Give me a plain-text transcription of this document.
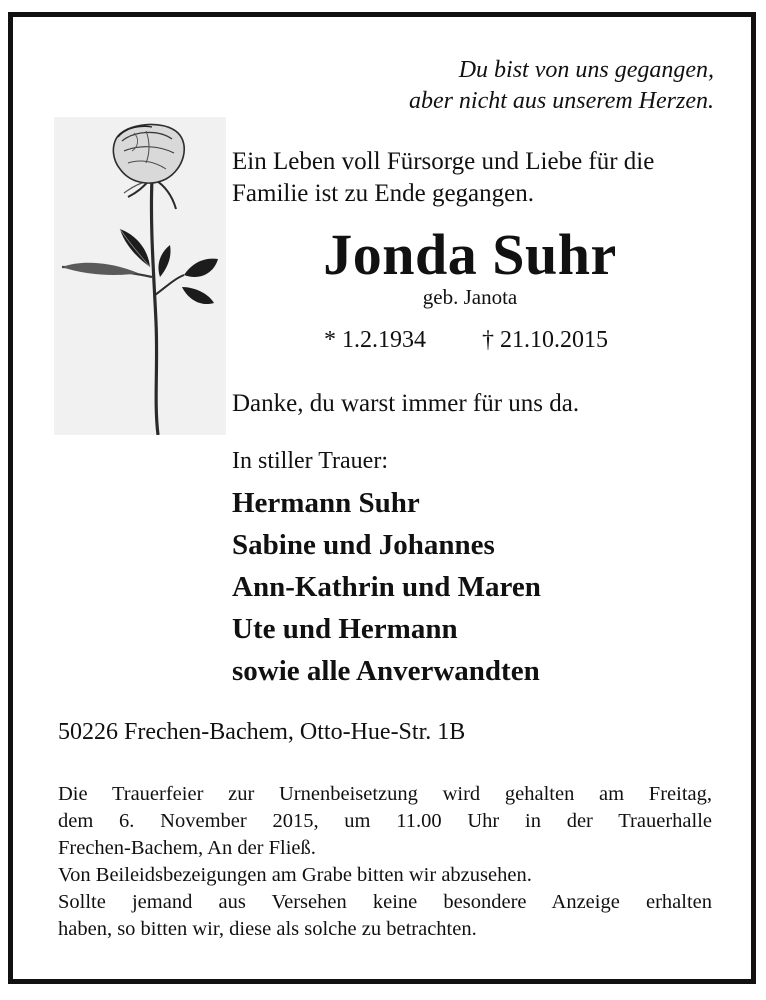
Du bist von uns gegangen,
aber nicht aus unserem Herzen.
Ein Leben voll Fürsorge und Liebe für die
Familie ist zu Ende gegangen.
Jonda Suhr
geb. Janota
* 1.2.1934 † 21.10.2015
Danke, du warst immer für uns da.
In stiller Trauer:
Hermann Suhr
Sabine und Johannes
Ann-Kathrin und Maren
Ute und Hermann
sowie alle Anverwandten
50226 Frechen-Bachem, Otto-Hue-Str. 1B
Die Trauerfeier zur Urnenbeisetzung wird gehalten am Freitag,
dem 6. November 2015, um 11.00 Uhr in der Trauerhalle
Frechen-Bachem, An der Fließ.
Von Beileidsbezeigungen am Grabe bitten wir abzusehen.
Sollte jemand aus Versehen keine besondere Anzeige erhalten
haben, so bitten wir, diese als solche zu betrachten.
